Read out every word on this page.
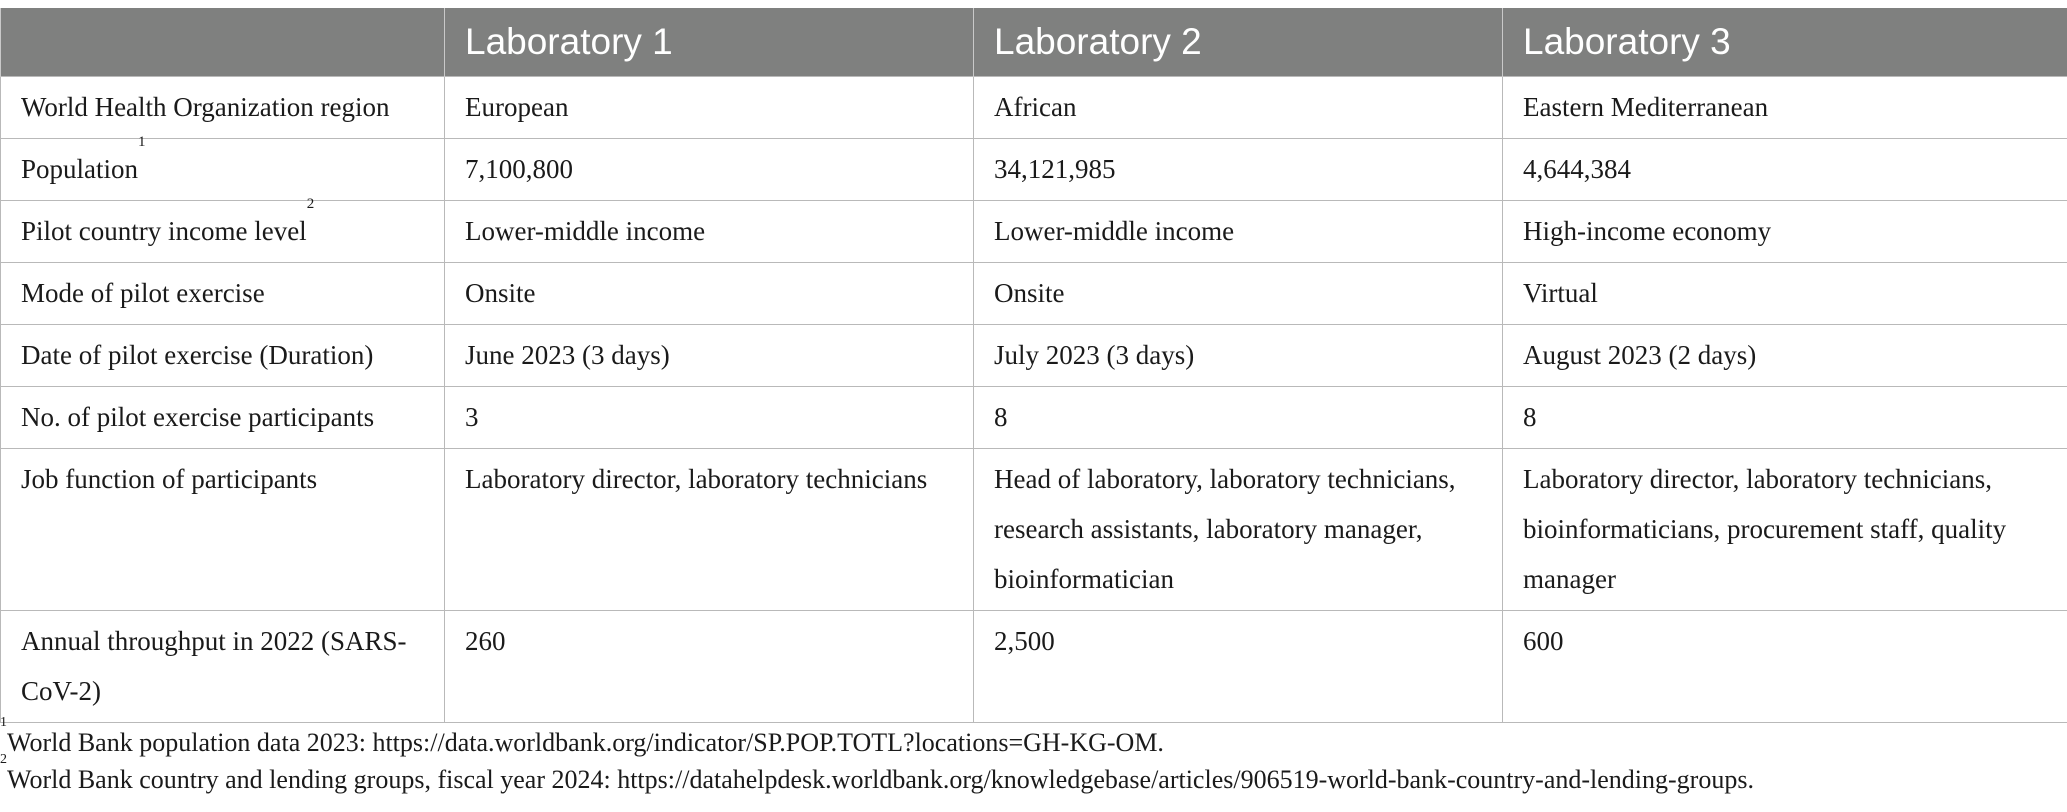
	Laboratory 1	Laboratory 2	Laboratory 3
World Health Organization region	European	African	Eastern Mediterranean
Population$^1$	7,100,800	34,121,985	4,644,384
Pilot country income level$^2$	Lower-middle income	Lower-middle income	High-income economy
Mode of pilot exercise	Onsite	Onsite	Virtual
Date of pilot exercise (Duration)	June 2023 (3 days)	July 2023 (3 days)	August 2023 (2 days)
No. of pilot exercise participants	3	8	8
Job function of participants	Laboratory director, laboratory technicians	Head of laboratory, laboratory technicians, research assistants, laboratory manager, bioinformatician	Laboratory director, laboratory technicians, bioinformaticians, procurement staff, quality manager
Annual throughput in 2022 (SARS-CoV-2)	260	2,500	600
$^1$World Bank population data 2023: https://data.worldbank.org/indicator/SP.POP.TOTL?locations=GH-KG-OM.
$^2$World Bank country and lending groups, fiscal year 2024: https://datahelpdesk.worldbank.org/knowledgebase/articles/906519-world-bank-country-and-lending-groups.
